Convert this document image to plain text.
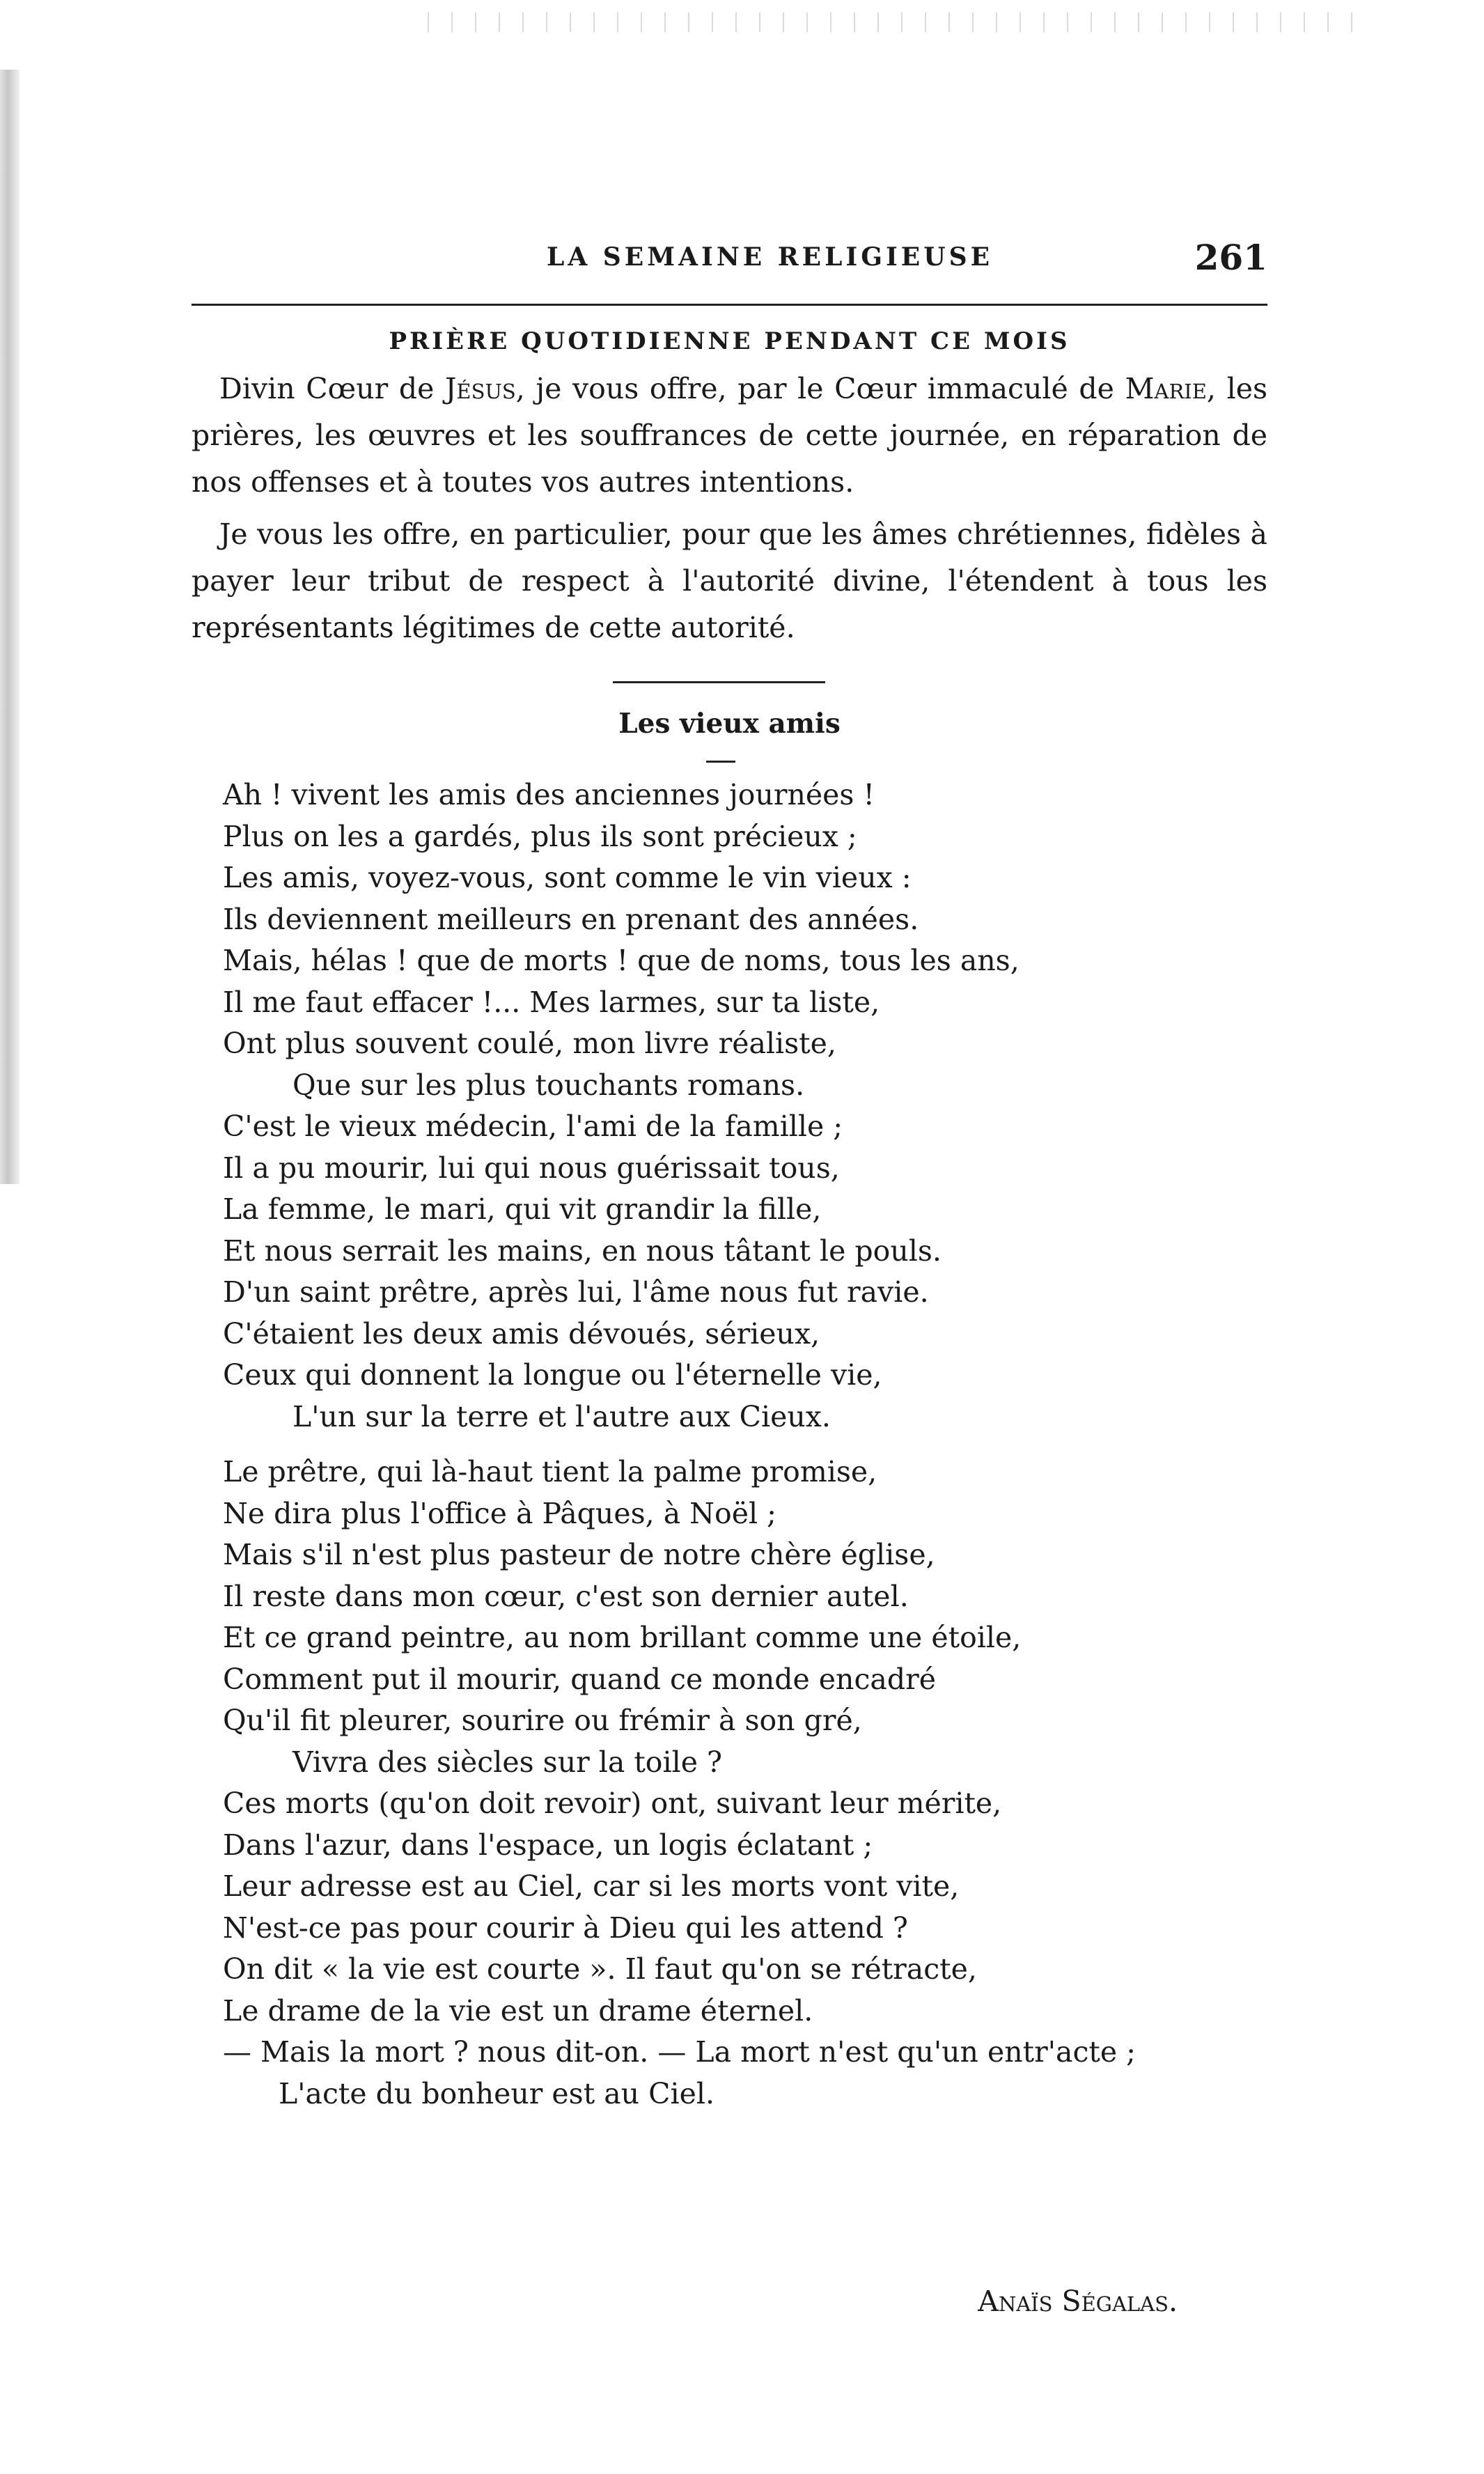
LA SEMAINE RELIGIEUSE	261
PRIÈRE QUOTIDIENNE PENDANT CE MOIS

Divin Cœur de Jésus, je vous offre, par le Cœur immaculé de Marie, les prières, les œuvres et les souffrances de cette journée, en réparation de nos offenses et à toutes vos autres intentions.

Je vous les offre, en particulier, pour que les âmes chrétiennes, fidèles à payer leur tribut de respect à l'autorité divine, l'étendent à tous les représentants légitimes de cette autorité.

Les vieux amis
Ah ! vivent les amis des anciennes journées !
Plus on les a gardés, plus ils sont précieux ;
Les amis, voyez-vous, sont comme le vin vieux :
Ils deviennent meilleurs en prenant des années.
Mais, hélas ! que de morts ! que de noms, tous les ans,
Il me faut effacer !... Mes larmes, sur ta liste,
Ont plus souvent coulé, mon livre réaliste,
Que sur les plus touchants romans.
C'est le vieux médecin, l'ami de la famille ;
Il a pu mourir, lui qui nous guérissait tous,
La femme, le mari, qui vit grandir la fille,
Et nous serrait les mains, en nous tâtant le pouls.
D'un saint prêtre, après lui, l'âme nous fut ravie.
C'étaient les deux amis dévoués, sérieux,
Ceux qui donnent la longue ou l'éternelle vie,
L'un sur la terre et l'autre aux Cieux.
Le prêtre, qui là-haut tient la palme promise,
Ne dira plus l'office à Pâques, à Noël ;
Mais s'il n'est plus pasteur de notre chère église,
Il reste dans mon cœur, c'est son dernier autel.
Et ce grand peintre, au nom brillant comme une étoile,
Comment put il mourir, quand ce monde encadré
Qu'il fit pleurer, sourire ou frémir à son gré,
Vivra des siècles sur la toile ?
Ces morts (qu'on doit revoir) ont, suivant leur mérite,
Dans l'azur, dans l'espace, un logis éclatant ;
Leur adresse est au Ciel, car si les morts vont vite,
N'est-ce pas pour courir à Dieu qui les attend ?
On dit « la vie est courte ». Il faut qu'on se rétracte,
Le drame de la vie est un drame éternel.
— Mais la mort ? nous dit-on. — La mort n'est qu'un entr'acte ;
L'acte du bonheur est au Ciel.
Anaïs Ségalas.
